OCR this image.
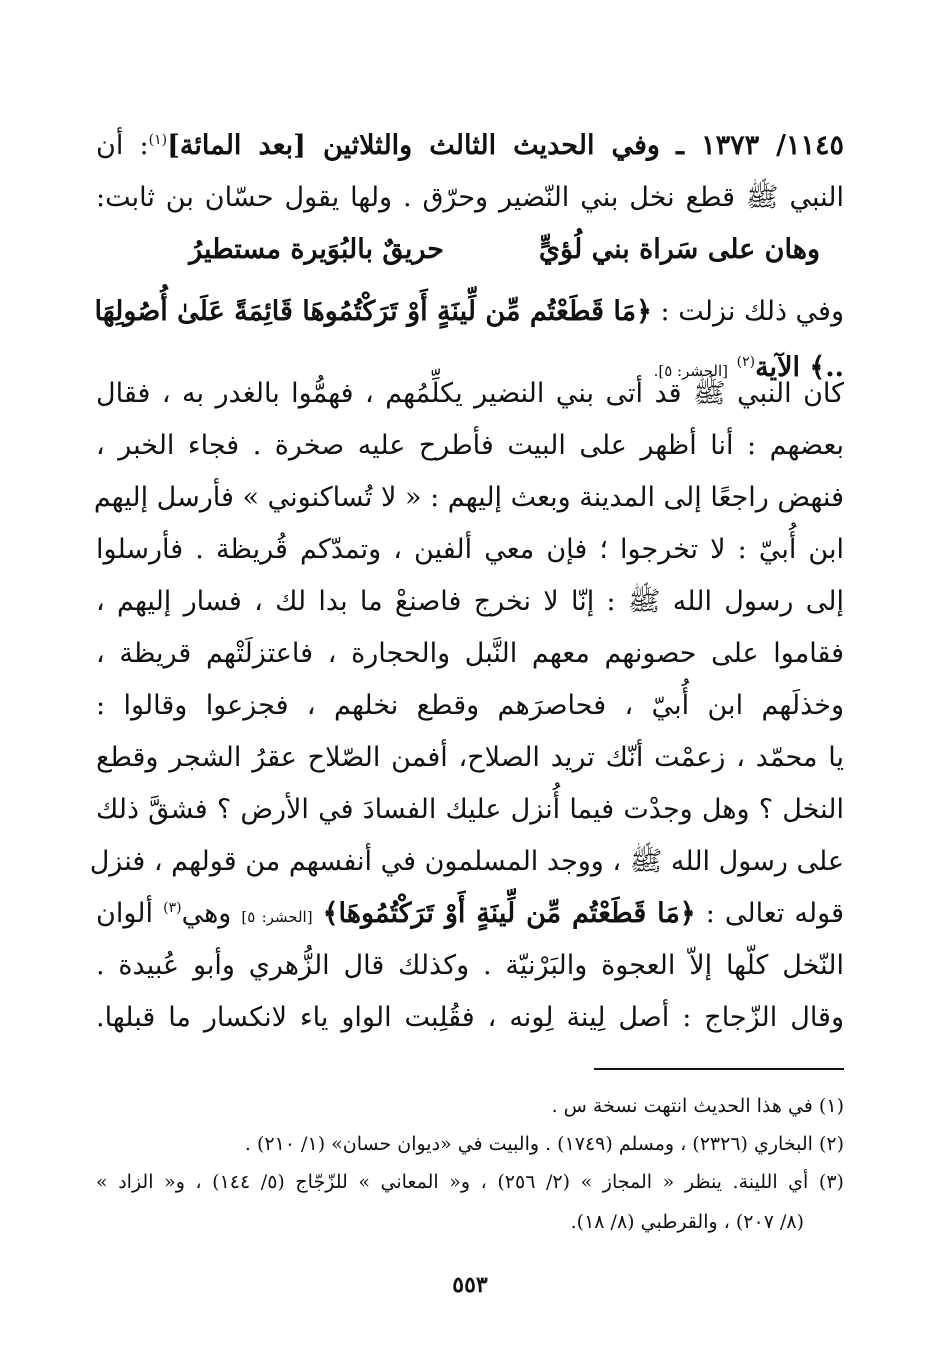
١١٤٥/ ١٣٧٣ ـ وفي الحديث الثالث والثلاثين [بعد المائة]$^{(١)}$: أن
النبي ﷺ قطع نخل بني النّضير وحرّق . ولها يقول حسّان بن ثابت:
وهان على سَراة بني لُؤيٍّ
حريقٌ بالبُوَيرة مستطيرُ
وفي ذلك نزلت : ﴿مَا قَطَعْتُم مِّن لِّينَةٍ أَوْ تَرَكْتُمُوهَا قَائِمَةً عَلَىٰ أُصُولِهَا
..﴾ الآية$^{(٢)}$ [الحشر: ٥].
كان النبي ﷺ قد أتى بني النضير يكلِّمُهم ، فهمُّوا بالغدر به ، فقال
بعضهم : أنا أظهر على البيت فأطرح عليه صخرة . فجاء الخبر ،
فنهض راجعًا إلى المدينة وبعث إليهم : « لا تُساكنوني » فأرسل إليهم
ابن أُبيّ : لا تخرجوا ؛ فإن معي ألفين ، وتمدّكم قُريظة . فأرسلوا
إلى رسول الله ﷺ : إنّا لا نخرج فاصنعْ ما بدا لك ، فسار إليهم ،
فقاموا على حصونهم معهم النَّبل والحجارة ، فاعتزلَتْهم قريظة ،
وخذلَهم ابن أُبيّ ، فحاصرَهم وقطع نخلهم ، فجزعوا وقالوا :
يا محمّد ، زعمْت أنّك تريد الصلاح، أفمن الصّلاح عقرُ الشجر وقطع
النخل ؟ وهل وجدْت فيما أُنزل عليك الفسادَ في الأرض ؟ فشقَّ ذلك
على رسول الله ﷺ ، ووجد المسلمون في أنفسهم من قولهم ، فنزل
قوله تعالى : ﴿مَا قَطَعْتُم مِّن لِّينَةٍ أَوْ تَرَكْتُمُوهَا﴾ [الحشر: ٥] وهي$^{(٣)}$ ألوان
النّخل كلّها إلاّ العجوة والبَرْنيّة . وكذلك قال الزُّهري وأبو عُبيدة .
وقال الزّجاج : أصل لِينة لِونه ، فقُلِبت الواو ياء لانكسار ما قبلها.
(١) في هذا الحديث انتهت نسخة س .
(٢) البخاري (٢٣٢٦) ، ومسلم (١٧٤٩) . والبيت في «ديوان حسان» (١/ ٢١٠) .
(٣) أي اللينة. ينظر « المجاز » (٢/ ٢٥٦) ، و« المعاني » للزّجّاج (٥/ ١٤٤) ، و« الزاد »
(٨/ ٢٠٧) ، والقرطبي (٨/ ١٨).
٥٥٣
